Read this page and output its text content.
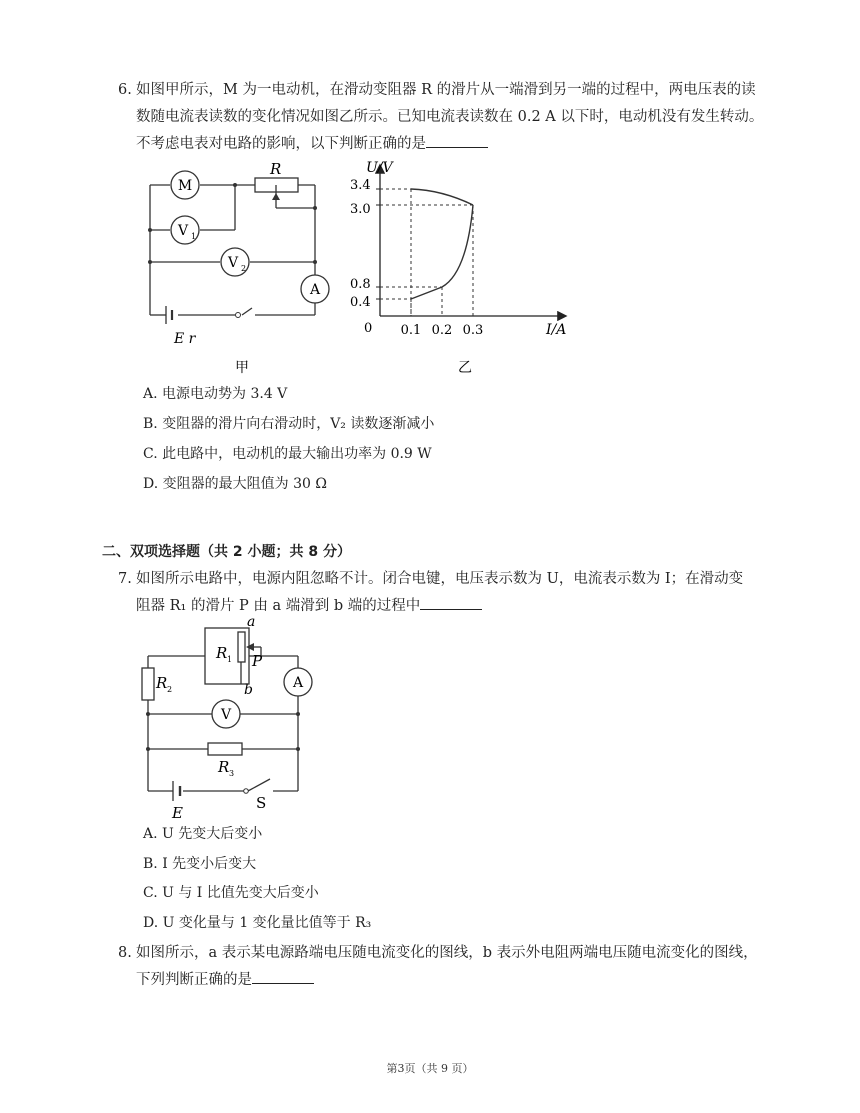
6. 如图甲所示，M 为一电动机，在滑动变阻器 R 的滑片从一端滑到另一端的过程中，两电压表的读
数随电流表读数的变化情况如图乙所示。已知电流表读数在 0.2 A 以下时，电动机没有发生转动。
不考虑电表对电路的影响，以下判断正确的是
M
V 1
V 2
A
R
E r
甲
3.4
3.0
0.8
0.4
0.1 0.2 0.3
U/V
I/A
0
乙
A. 电源电动势为 3.4 V
B. 变阻器的滑片向右滑动时，V₂ 读数逐渐减小
C. 此电路中，电动机的最大输出功率为 0.9 W
D. 变阻器的最大阻值为 30 Ω
二、双项选择题（共 2 小题；共 8 分）
7. 如图所示电路中，电源内阻忽略不计。闭合电键，电压表示数为 U，电流表示数为 I；在滑动变
阻器 R₁ 的滑片 P 由 a 端滑到 b 端的过程中
A
V
a
b
P
R 1
R 2
R 3
E
S
A. U 先变大后变小
B. I 先变小后变大
C. U 与 I 比值先变大后变小
D. U 变化量与 1 变化量比值等于 R₃
8. 如图所示，a 表示某电源路端电压随电流变化的图线，b 表示外电阻两端电压随电流变化的图线，
下列判断正确的是
第3页（共 9 页）
